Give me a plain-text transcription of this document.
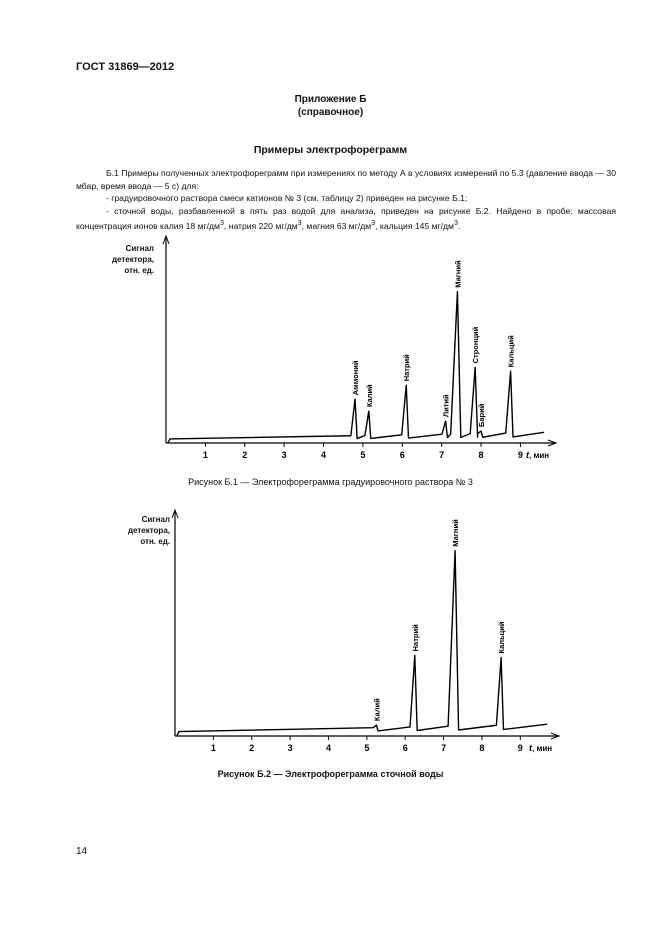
ГОСТ 31869—2012
Приложение Б
(справочное)
Примеры электрофореграмм

Б.1 Примеры полученных электрофореграмм при измерениях по методу А в условиях измерений по 5.3 (давление ввода — 30 мбар, время ввода — 5 с) для:

- градуировочного раствора смеси катионов № 3 (см. таблицу 2) приведен на рисунке Б.1;

- сточной воды, разбавленной в пять раз водой для анализа, приведен на рисунке Б.2. Найдено в пробе: массовая концентрация ионов калия 18 $мг/дм^3$, натрия 220 $мг/дм^3$, магния 63 $мг/дм^3$, кальция 145 $мг/дм^3$.

Сигнал
детектора,
отн. ед.
1	2	3	4	5	6	7	8	9 t, мин
Аммоний
Калий
Натрий
Литий
Магний
Стронций
Барий
Кальций
Рисунок Б.1 — Электрофореграмма градуировочного раствора № 3
Сигнал
детектора,
отн. ед.
1	2	3	4	5	6	7	8	9 t, мин
Калий
Натрий
Магний
Кальций
Рисунок Б.2 — Электрофореграмма сточной воды
14
